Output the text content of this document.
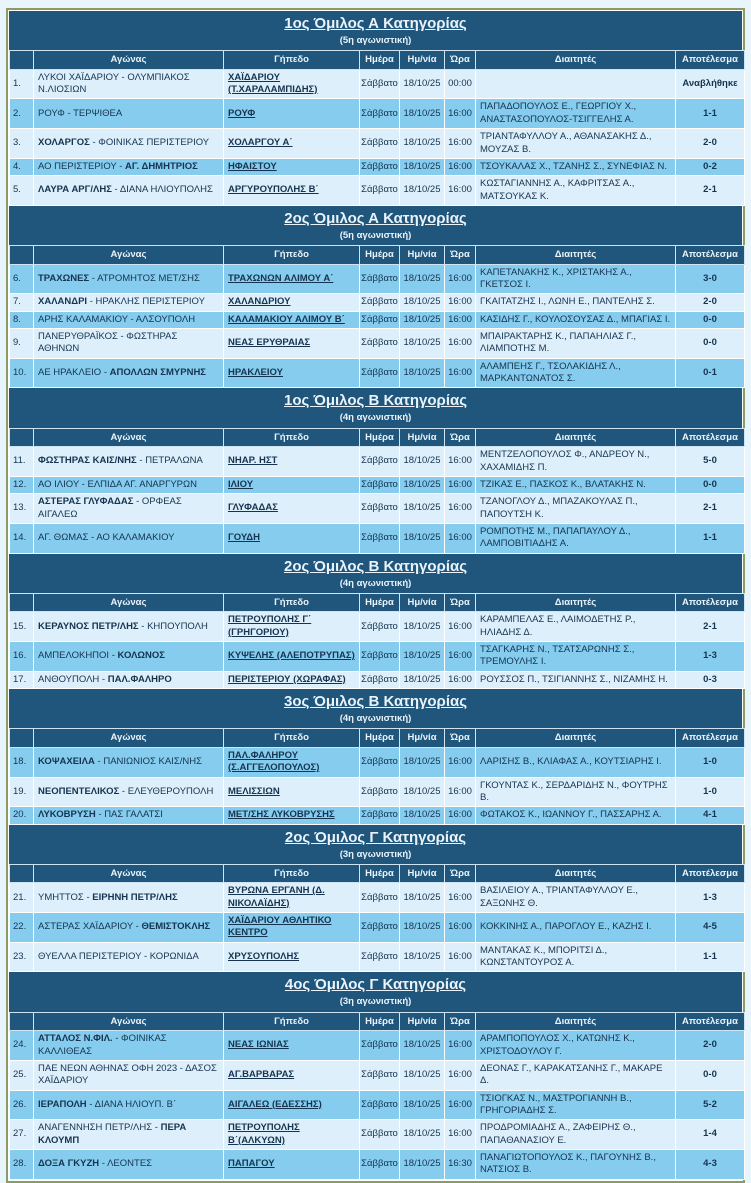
1ος Όμιλος Α Κατηγορίας
(5η αγωνιστική)
	Αγώνας	Γήπεδο	Ημέρα	Ημ/νία	Ώρα	Διαιτητές	Αποτέλεσμα
1.	ΛΥΚΟΙ ΧΑΪΔΑΡΙΟΥ - ΟΛΥΜΠΙΑΚΟΣ Ν.ΛΙΟΣΙΩΝ	ΧΑΪΔΑΡΙΟΥ (Τ.ΧΑΡΑΛΑΜΠΙΔΗΣ)	Σάββατο	18/10/25	00:00		Αναβλήθηκε
2.	ΡΟΥΦ - ΤΕΡΨΙΘΕΑ	ΡΟΥΦ	Σάββατο	18/10/25	16:00	ΠΑΠΑΔΟΠΟΥΛΟΣ Ε., ΓΕΩΡΓΙΟΥ Χ., ΑΝΑΣΤΑΣΟΠΟΥΛΟΣ-ΤΣΙΓΓΕΛΗΣ Α.	1-1
3.	ΧΟΛΑΡΓΟΣ - ΦΟΙΝΙΚΑΣ ΠΕΡΙΣΤΕΡΙΟΥ	ΧΟΛΑΡΓΟΥ Α΄	Σάββατο	18/10/25	16:00	ΤΡΙΑΝΤΑΦΥΛΛΟΥ Α., ΑΘΑΝΑΣΑΚΗΣ Δ., ΜΟΥΖΑΣ Β.	2-0
4.	ΑΟ ΠΕΡΙΣΤΕΡΙΟΥ - ΑΓ. ΔΗΜΗΤΡΙΟΣ	ΗΦΑΙΣΤΟΥ	Σάββατο	18/10/25	16:00	ΤΣΟΥΚΑΛΑΣ Χ., ΤΖΑΝΗΣ Σ., ΣΥΝΕΦΙΑΣ Ν.	0-2
5.	ΛΑΥΡΑ ΑΡΓ/ΛΗΣ - ΔΙΑΝΑ ΗΛΙΟΥΠΟΛΗΣ	ΑΡΓΥΡΟΥΠΟΛΗΣ Β΄	Σάββατο	18/10/25	16:00	ΚΩΣΤΑΓΙΑΝΝΗΣ Α., ΚΑΦΡΙΤΣΑΣ Α., ΜΑΤΣΟΥΚΑΣ Κ.	2-1
2ος Όμιλος Α Κατηγορίας
(5η αγωνιστική)
	Αγώνας	Γήπεδο	Ημέρα	Ημ/νία	Ώρα	Διαιτητές	Αποτέλεσμα
6.	ΤΡΑΧΩΝΕΣ - ΑΤΡΟΜΗΤΟΣ ΜΕΤ/ΣΗΣ	ΤΡΑΧΩΝΩΝ ΑΛΙΜΟΥ Α΄	Σάββατο	18/10/25	16:00	ΚΑΠΕΤΑΝΑΚΗΣ Κ., ΧΡΙΣΤΑΚΗΣ Α., ΓΚΕΤΣΟΣ Ι.	3-0
7.	ΧΑΛΑΝΔΡΙ - ΗΡΑΚΛΗΣ ΠΕΡΙΣΤΕΡΙΟΥ	ΧΑΛΑΝΔΡΙΟΥ	Σάββατο	18/10/25	16:00	ΓΚΑΙΤΑΤΖΗΣ Ι., ΛΩΝΗ Ε., ΠΑΝΤΕΛΗΣ Σ.	2-0
8.	ΑΡΗΣ ΚΑΛΑΜΑΚΙΟΥ - ΑΛΣΟΥΠΟΛΗ	ΚΑΛΑΜΑΚΙΟΥ ΑΛΙΜΟΥ Β΄	Σάββατο	18/10/25	16:00	ΚΑΣΙΔΗΣ Γ., ΚΟΥΛΟΣΟΥΣΑΣ Δ., ΜΠΑΓΙΑΣ Ι.	0-0
9.	ΠΑΝΕΡΥΘΡΑΪΚΟΣ - ΦΩΣΤΗΡΑΣ ΑΘΗΝΩΝ	ΝΕΑΣ ΕΡΥΘΡΑΙΑΣ	Σάββατο	18/10/25	16:00	ΜΠΑΙΡΑΚΤΑΡΗΣ Κ., ΠΑΠΑΗΛΙΑΣ Γ., ΛΙΑΜΠΟΤΗΣ Μ.	0-0
10.	ΑΕ ΗΡΑΚΛΕΙΟ - ΑΠΟΛΛΩΝ ΣΜΥΡΝΗΣ	ΗΡΑΚΛΕΙΟΥ	Σάββατο	18/10/25	16:00	ΑΛΑΜΠΕΗΣ Γ., ΤΣΟΛΑΚΙΔΗΣ Λ., ΜΑΡΚΑΝΤΩΝΑΤΟΣ Σ.	0-1
1ος Όμιλος Β Κατηγορίας
(4η αγωνιστική)
	Αγώνας	Γήπεδο	Ημέρα	Ημ/νία	Ώρα	Διαιτητές	Αποτέλεσμα
11.	ΦΩΣΤΗΡΑΣ ΚΑΙΣ/ΝΗΣ - ΠΕΤΡΑΛΩΝΑ	ΝΗΑΡ. ΗΣΤ	Σάββατο	18/10/25	16:00	ΜΕΝΤΖΕΛΟΠΟΥΛΟΣ Φ., ΑΝΔΡΕΟΥ Ν., ΧΑΧΑΜΙΔΗΣ Π.	5-0
12.	ΑΟ ΙΛΙΟΥ - ΕΛΠΙΔΑ ΑΓ. ΑΝΑΡΓΥΡΩΝ	ΙΛΙΟΥ	Σάββατο	18/10/25	16:00	ΤΖΙΚΑΣ Ε., ΠΑΣΚΟΣ Κ., ΒΛΑΤΑΚΗΣ Ν.	0-0
13.	ΑΣΤΕΡΑΣ ΓΛΥΦΑΔΑΣ - ΟΡΦΕΑΣ ΑΙΓΑΛΕΩ	ΓΛΥΦΑΔΑΣ	Σάββατο	18/10/25	16:00	ΤΖΑΝΟΓΛΟΥ Δ., ΜΠΑΖΑΚΟΥΛΑΣ Π., ΠΑΠΟΥΤΣΗ Κ.	2-1
14.	ΑΓ. ΘΩΜΑΣ - ΑΟ ΚΑΛΑΜΑΚΙΟΥ	ΓΟΥΔΗ	Σάββατο	18/10/25	16:00	ΡΟΜΠΟΤΗΣ Μ., ΠΑΠΑΠΑΥΛΟΥ Δ., ΛΑΜΠΟΒΙΤΙΑΔΗΣ Α.	1-1
2ος Όμιλος Β Κατηγορίας
(4η αγωνιστική)
	Αγώνας	Γήπεδο	Ημέρα	Ημ/νία	Ώρα	Διαιτητές	Αποτέλεσμα
15.	ΚΕΡΑΥΝΟΣ ΠΕΤΡ/ΛΗΣ - ΚΗΠΟΥΠΟΛΗ	ΠΕΤΡΟΥΠΟΛΗΣ Γ΄ (ΓΡΗΓΟΡΙΟΥ)	Σάββατο	18/10/25	16:00	ΚΑΡΑΜΠΕΛΑΣ Ε., ΛΑΙΜΟΔΕΤΗΣ Ρ., ΗΛΙΑΔΗΣ Δ.	2-1
16.	ΑΜΠΕΛΟΚΗΠΟΙ - ΚΟΛΩΝΟΣ	ΚΥΨΕΛΗΣ (ΑΛΕΠΟΤΡΥΠΑΣ)	Σάββατο	18/10/25	16:00	ΤΣΑΓΚΑΡΗΣ Ν., ΤΣΑΤΣΑΡΩΝΗΣ Σ., ΤΡΕΜΟΥΛΗΣ Ι.	1-3
17.	ΑΝΘΟΥΠΟΛΗ - ΠΑΛ.ΦΑΛΗΡΟ	ΠΕΡΙΣΤΕΡΙΟΥ (ΧΩΡΑΦΑΣ)	Σάββατο	18/10/25	16:00	ΡΟΥΣΣΟΣ Π., ΤΣΙΓΙΑΝΝΗΣ Σ., ΝΙΖΑΜΗΣ Η.	0-3
3ος Όμιλος Β Κατηγορίας
(4η αγωνιστική)
	Αγώνας	Γήπεδο	Ημέρα	Ημ/νία	Ώρα	Διαιτητές	Αποτέλεσμα
18.	ΚΟΨΑΧΕΙΛΑ - ΠΑΝΙΩΝΙΟΣ ΚΑΙΣ/ΝΗΣ	ΠΑΛ.ΦΑΛΗΡΟΥ (Σ.ΑΓΓΕΛΟΠΟΥΛΟΣ)	Σάββατο	18/10/25	16:00	ΛΑΡΙΣΗΣ Β., ΚΛΙΑΦΑΣ Α., ΚΟΥΤΣΙΑΡΗΣ Ι.	1-0
19.	ΝΕΟΠΕΝΤΕΛΙΚΟΣ - ΕΛΕΥΘΕΡΟΥΠΟΛΗ	ΜΕΛΙΣΣΙΩΝ	Σάββατο	18/10/25	16:00	ΓΚΟΥΝΤΑΣ Κ., ΣΕΡΔΑΡΙΔΗΣ Ν., ΦΟΥΤΡΗΣ Β.	1-0
20.	ΛΥΚΟΒΡΥΣΗ - ΠΑΣ ΓΑΛΑΤΣΙ	ΜΕΤ/ΣΗΣ ΛΥΚΟΒΡΥΣΗΣ	Σάββατο	18/10/25	16:00	ΦΩΤΑΚΟΣ Κ., ΙΩΑΝΝΟΥ Γ., ΠΑΣΣΑΡΗΣ Α.	4-1
2ος Όμιλος Γ Κατηγορίας
(3η αγωνιστική)
	Αγώνας	Γήπεδο	Ημέρα	Ημ/νία	Ώρα	Διαιτητές	Αποτέλεσμα
21.	ΥΜΗΤΤΟΣ - ΕΙΡΗΝΗ ΠΕΤΡ/ΛΗΣ	ΒΥΡΩΝΑ ΕΡΓΑΝΗ (Δ. ΝΙΚΟΛΑΪΔΗΣ)	Σάββατο	18/10/25	16:00	ΒΑΣΙΛΕΙΟΥ Α., ΤΡΙΑΝΤΑΦΥΛΛΟΥ Ε., ΣΑΞΩΝΗΣ Θ.	1-3
22.	ΑΣΤΕΡΑΣ ΧΑΪΔΑΡΙΟΥ - ΘΕΜΙΣΤΟΚΛΗΣ	ΧΑΪΔΑΡΙΟΥ ΑΘΛΗΤΙΚΟ ΚΕΝΤΡΟ	Σάββατο	18/10/25	16:00	ΚΟΚΚΙΝΗΣ Α., ΠΑΡΟΓΛΟΥ Ε., ΚΑΖΗΣ Ι.	4-5
23.	ΘΥΕΛΛΑ ΠΕΡΙΣΤΕΡΙΟΥ - ΚΟΡΩΝΙΔΑ	ΧΡΥΣΟΥΠΟΛΗΣ	Σάββατο	18/10/25	16:00	ΜΑΝΤΑΚΑΣ Κ., ΜΠΟΡΙΤΣΙ Δ., ΚΩΝΣΤΑΝΤΟΥΡΟΣ Α.	1-1
4ος Όμιλος Γ Κατηγορίας
(3η αγωνιστική)
	Αγώνας	Γήπεδο	Ημέρα	Ημ/νία	Ώρα	Διαιτητές	Αποτέλεσμα
24.	ΑΤΤΑΛΟΣ Ν.ΦΙΛ. - ΦΟΙΝΙΚΑΣ ΚΑΛΛΙΘΕΑΣ	ΝΕΑΣ ΙΩΝΙΑΣ	Σάββατο	18/10/25	16:00	ΑΡΑΜΠΟΠΟΥΛΟΣ Χ., ΚΑΤΩΝΗΣ Κ., ΧΡΙΣΤΟΔΟΥΛΟΥ Γ.	2-0
25.	ΠΑΕ ΝΕΩΝ ΑΘΗΝΑΣ ΟΦΗ 2023 - ΔΑΣΟΣ ΧΑΪΔΑΡΙΟΥ	ΑΓ.ΒΑΡΒΑΡΑΣ	Σάββατο	18/10/25	16:00	ΔΕΟΝΑΣ Γ., ΚΑΡΑΚΑΤΣΑΝΗΣ Γ., ΜΑΚΑΡΕ Δ.	0-0
26.	ΙΕΡΑΠΟΛΗ - ΔΙΑΝΑ ΗΛΙΟΥΠ. Β΄	ΑΙΓΑΛΕΩ (ΕΔΕΣΣΗΣ)	Σάββατο	18/10/25	16:00	ΤΣΙΟΓΚΑΣ Ν., ΜΑΣΤΡΟΓΙΑΝΝΗ Β., ΓΡΗΓΟΡΙΑΔΗΣ Σ.	5-2
27.	ΑΝΑΓΕΝΝΗΣΗ ΠΕΤΡ/ΛΗΣ - ΠΕΡΑ ΚΛΟΥΜΠ	ΠΕΤΡΟΥΠΟΛΗΣ Β΄(ΑΛΚΥΩΝ)	Σάββατο	18/10/25	16:00	ΠΡΟΔΡΟΜΙΑΔΗΣ Α., ΖΑΦΕΙΡΗΣ Θ., ΠΑΠΑΘΑΝΑΣΙΟΥ Ε.	1-4
28.	ΔΟΞΑ ΓΚΥΖΗ - ΛΕΟΝΤΕΣ	ΠΑΠΑΓΟΥ	Σάββατο	18/10/25	16:30	ΠΑΝΑΓΙΩΤΟΠΟΥΛΟΣ Κ., ΠΑΓΟΥΝΗΣ Β., ΝΑΤΣΙΟΣ Β.	4-3
